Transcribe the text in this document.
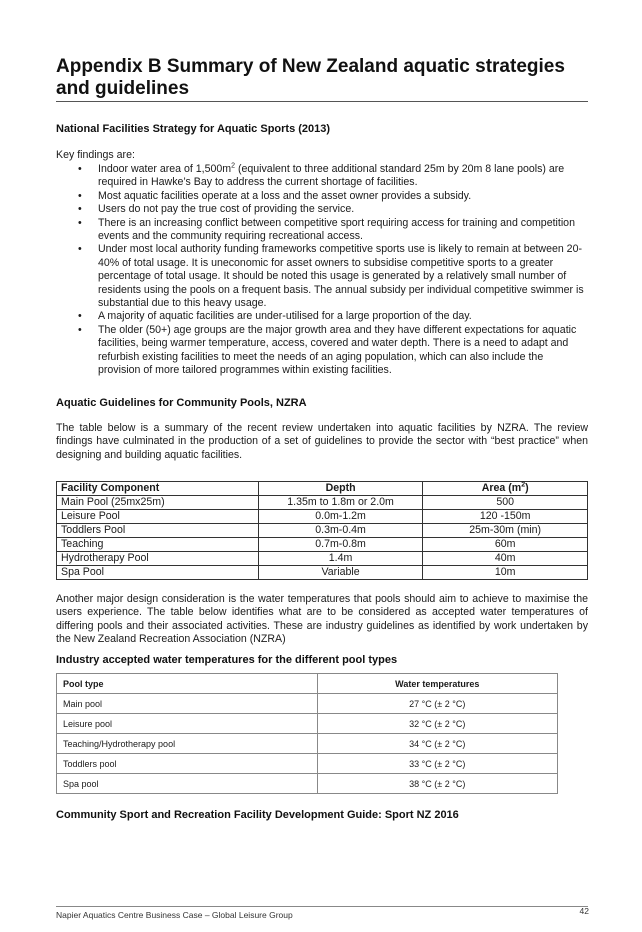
Appendix B Summary of New Zealand aquatic strategies and guidelines
National Facilities Strategy for Aquatic Sports (2013)
Key findings are:
• Indoor water area of $1,500m^2$ (equivalent to three additional standard 25m by 20m 8 lane pools) are required in Hawke’s Bay to address the current shortage of facilities.
• Most aquatic facilities operate at a loss and the asset owner provides a subsidy.
• Users do not pay the true cost of providing the service.
• There is an increasing conflict between competitive sport requiring access for training and competition events and the community requiring recreational access.
• Under most local authority funding frameworks competitive sports use is likely to remain at between 20-40% of total usage. It is uneconomic for asset owners to subsidise competitive sports to a greater percentage of total usage. It should be noted this usage is generated by a relatively small number of residents using the pools on a frequent basis. The annual subsidy per individual competitive swimmer is substantial due to this heavy usage.
• A majority of aquatic facilities are under-utilised for a large proportion of the day.
• The older (50+) age groups are the major growth area and they have different expectations for aquatic facilities, being warmer temperature, access, covered and water depth. There is a need to adapt and refurbish existing facilities to meet the needs of an aging population, which can also include the provision of more tailored programmes within existing facilities.
Aquatic Guidelines for Community Pools, NZRA

The table below is a summary of the recent review undertaken into aquatic facilities by NZRA. The review findings have culminated in the production of a set of guidelines to provide the sector with “best practice” when designing and building aquatic facilities.

Facility Component	Depth	Area $(m^2)$
Main Pool (25mx25m)	1.35m to 1.8m or 2.0m	500
Leisure Pool	0.0m-1.2m	120 -150m
Toddlers Pool	0.3m-0.4m	25m-30m (min)
Teaching	0.7m-0.8m	60m
Hydrotherapy Pool	1.4m	40m
Spa Pool	Variable	10m

Another major design consideration is the water temperatures that pools should aim to achieve to maximise the users experience. The table below identifies what are to be considered as accepted water temperatures of differing pools and their associated activities. These are industry guidelines as identified by work undertaken by the New Zealand Recreation Association (NZRA)

Industry accepted water temperatures for the different pool types
Pool type	Water temperatures
Main pool	27 °C (± 2 °C)
Leisure pool	32 °C (± 2 °C)
Teaching/Hydrotherapy pool	34 °C (± 2 °C)
Toddlers pool	33 °C (± 2 °C)
Spa pool	38 °C (± 2 °C)
Community Sport and Recreation Facility Development Guide: Sport NZ 2016
Napier Aquatics Centre Business Case – Global Leisure Group	42
